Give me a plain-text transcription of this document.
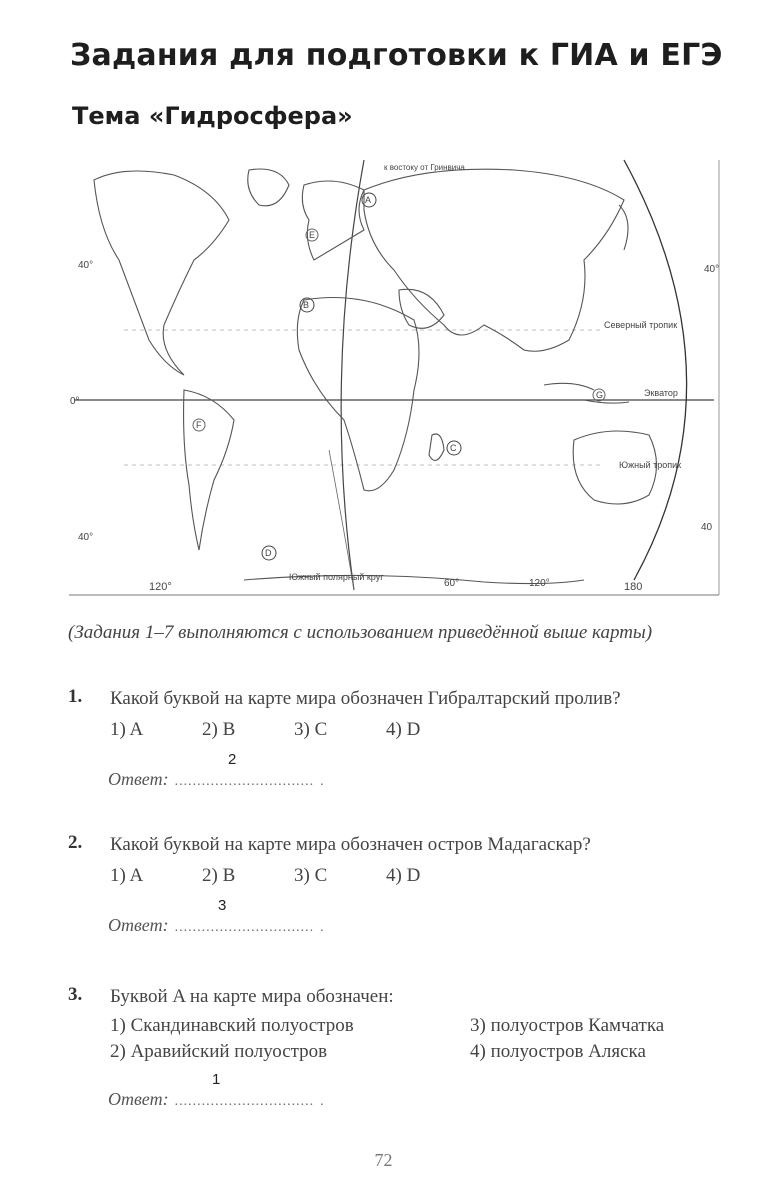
Задания для подготовки к ГИА и ЕГЭ
Тема «Гидросфера»
120°	60°	120°	180
40°
0°
40°
40°
40
Северный тропик
Экватор
Южный тропик
Южный полярный круг
к востоку от Гринвича
A
B
C
D
E
F
G
(Задания 1–7 выполняются с использованием приведённой выше карты)
1. Какой буквой на карте мира обозначен Гибралтарский пролив?
1) A	2) B	3) C	4) D
Ответ: ............................... .
2
2. Какой буквой на карте мира обозначен остров Мадагаскар?
1) A	2) B	3) C	4) D
Ответ: ............................... .
3
3. Буквой A на карте мира обозначен:
1) Скандинавский полуостров	3) полуостров Камчатка
2) Аравийский полуостров	4) полуостров Аляска
Ответ: ............................... .
1
72
